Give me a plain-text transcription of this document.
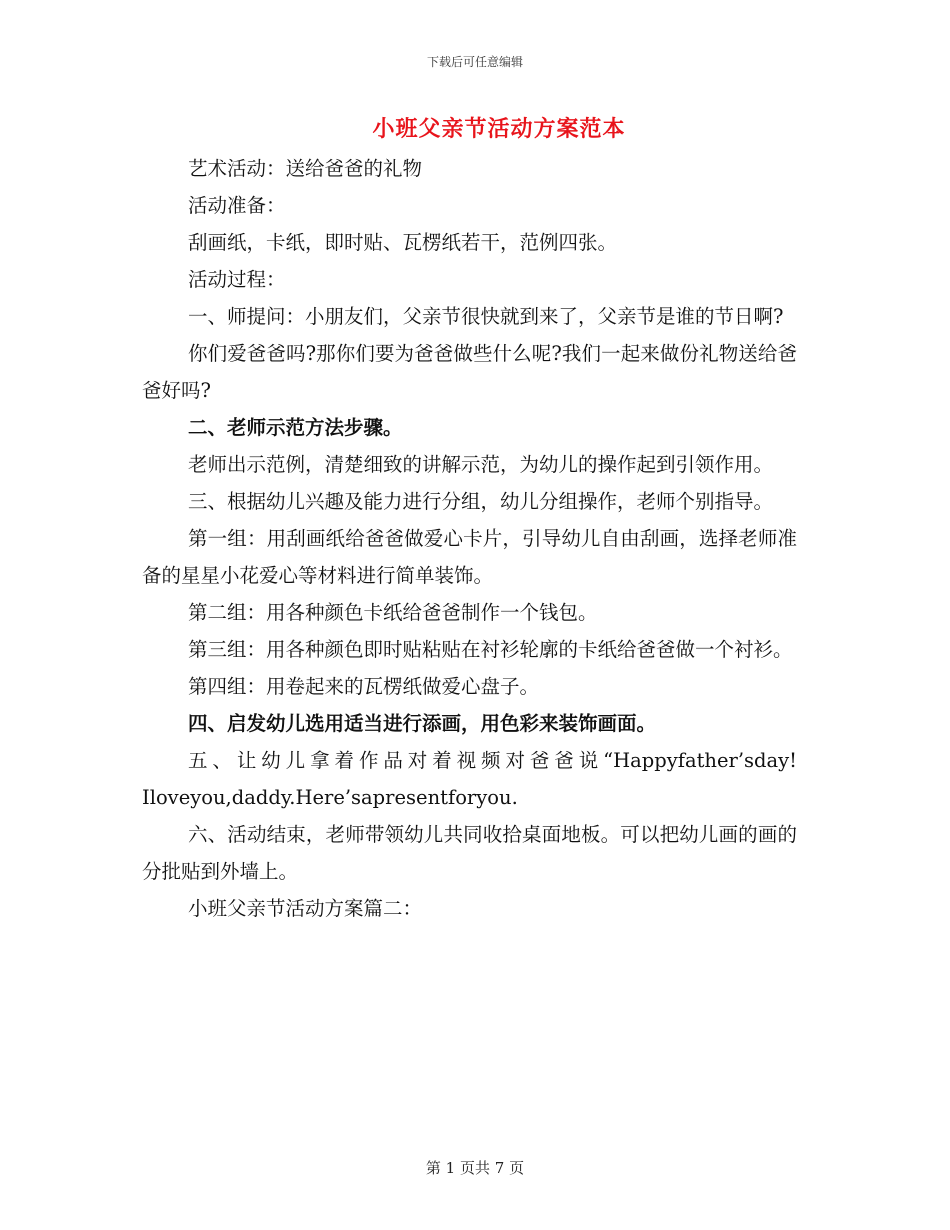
下载后可任意编辑
小班父亲节活动方案范本

艺术活动：送给爸爸的礼物

活动准备：

刮画纸，卡纸，即时贴、瓦楞纸若干，范例四张。

活动过程：

一、师提问：小朋友们，父亲节很快就到来了，父亲节是谁的节日啊?

你们爱爸爸吗?那你们要为爸爸做些什么呢?我们一起来做份礼物送给爸爸好吗?

二、老师示范方法步骤。

老师出示范例，清楚细致的讲解示范，为幼儿的操作起到引领作用。

三、根据幼儿兴趣及能力进行分组，幼儿分组操作，老师个别指导。

第一组：用刮画纸给爸爸做爱心卡片，引导幼儿自由刮画，选择老师准备的星星小花爱心等材料进行简单装饰。

第二组：用各种颜色卡纸给爸爸制作一个钱包。

第三组：用各种颜色即时贴粘贴在衬衫轮廓的卡纸给爸爸做一个衬衫。

第四组：用卷起来的瓦楞纸做爱心盘子。

四、启发幼儿选用适当进行添画，用色彩来装饰画面。

五、让幼儿拿着作品对着视频对爸爸说“Happyfather’sday! Iloveyou,daddy.Here’sapresentforyou.

六、活动结束，老师带领幼儿共同收拾桌面地板。可以把幼儿画的画的分批贴到外墙上。

小班父亲节活动方案篇二：

第 1 页共 7 页
